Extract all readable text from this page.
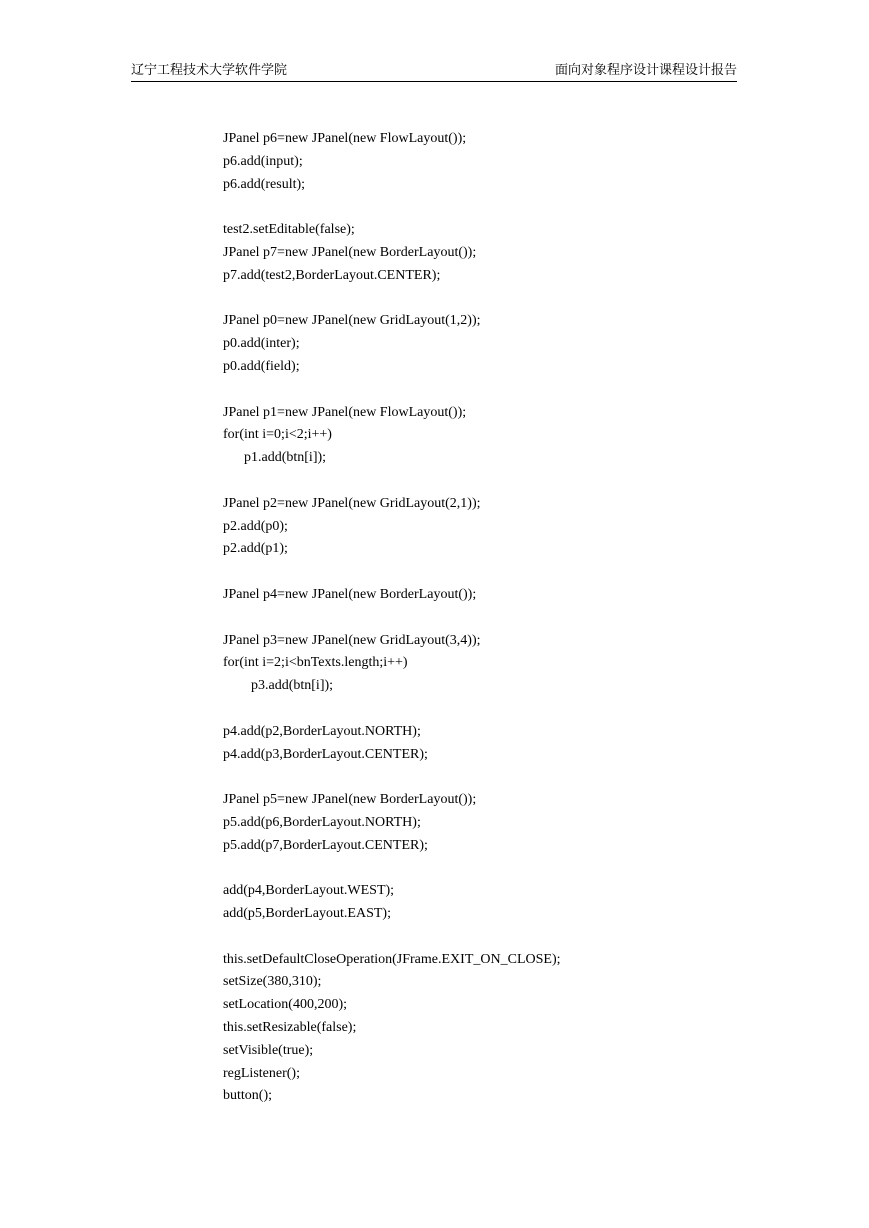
辽宁工程技术大学软件学院	面向对象程序设计课程设计报告
JPanel p6=new JPanel(new FlowLayout());
p6.add(input);
p6.add(result);
test2.setEditable(false);
JPanel p7=new JPanel(new BorderLayout());
p7.add(test2,BorderLayout.CENTER);
JPanel p0=new JPanel(new GridLayout(1,2));
p0.add(inter);
p0.add(field);
JPanel p1=new JPanel(new FlowLayout());
for(int i=0;i<2;i++)
p1.add(btn[i]);
JPanel p2=new JPanel(new GridLayout(2,1));
p2.add(p0);
p2.add(p1);
JPanel p4=new JPanel(new BorderLayout());
JPanel p3=new JPanel(new GridLayout(3,4));
for(int i=2;i<bnTexts.length;i++)
p3.add(btn[i]);
p4.add(p2,BorderLayout.NORTH);
p4.add(p3,BorderLayout.CENTER);
JPanel p5=new JPanel(new BorderLayout());
p5.add(p6,BorderLayout.NORTH);
p5.add(p7,BorderLayout.CENTER);
add(p4,BorderLayout.WEST);
add(p5,BorderLayout.EAST);
this.setDefaultCloseOperation(JFrame.EXIT_ON_CLOSE);
setSize(380,310);
setLocation(400,200);
this.setResizable(false);
setVisible(true);
regListener();
button();
